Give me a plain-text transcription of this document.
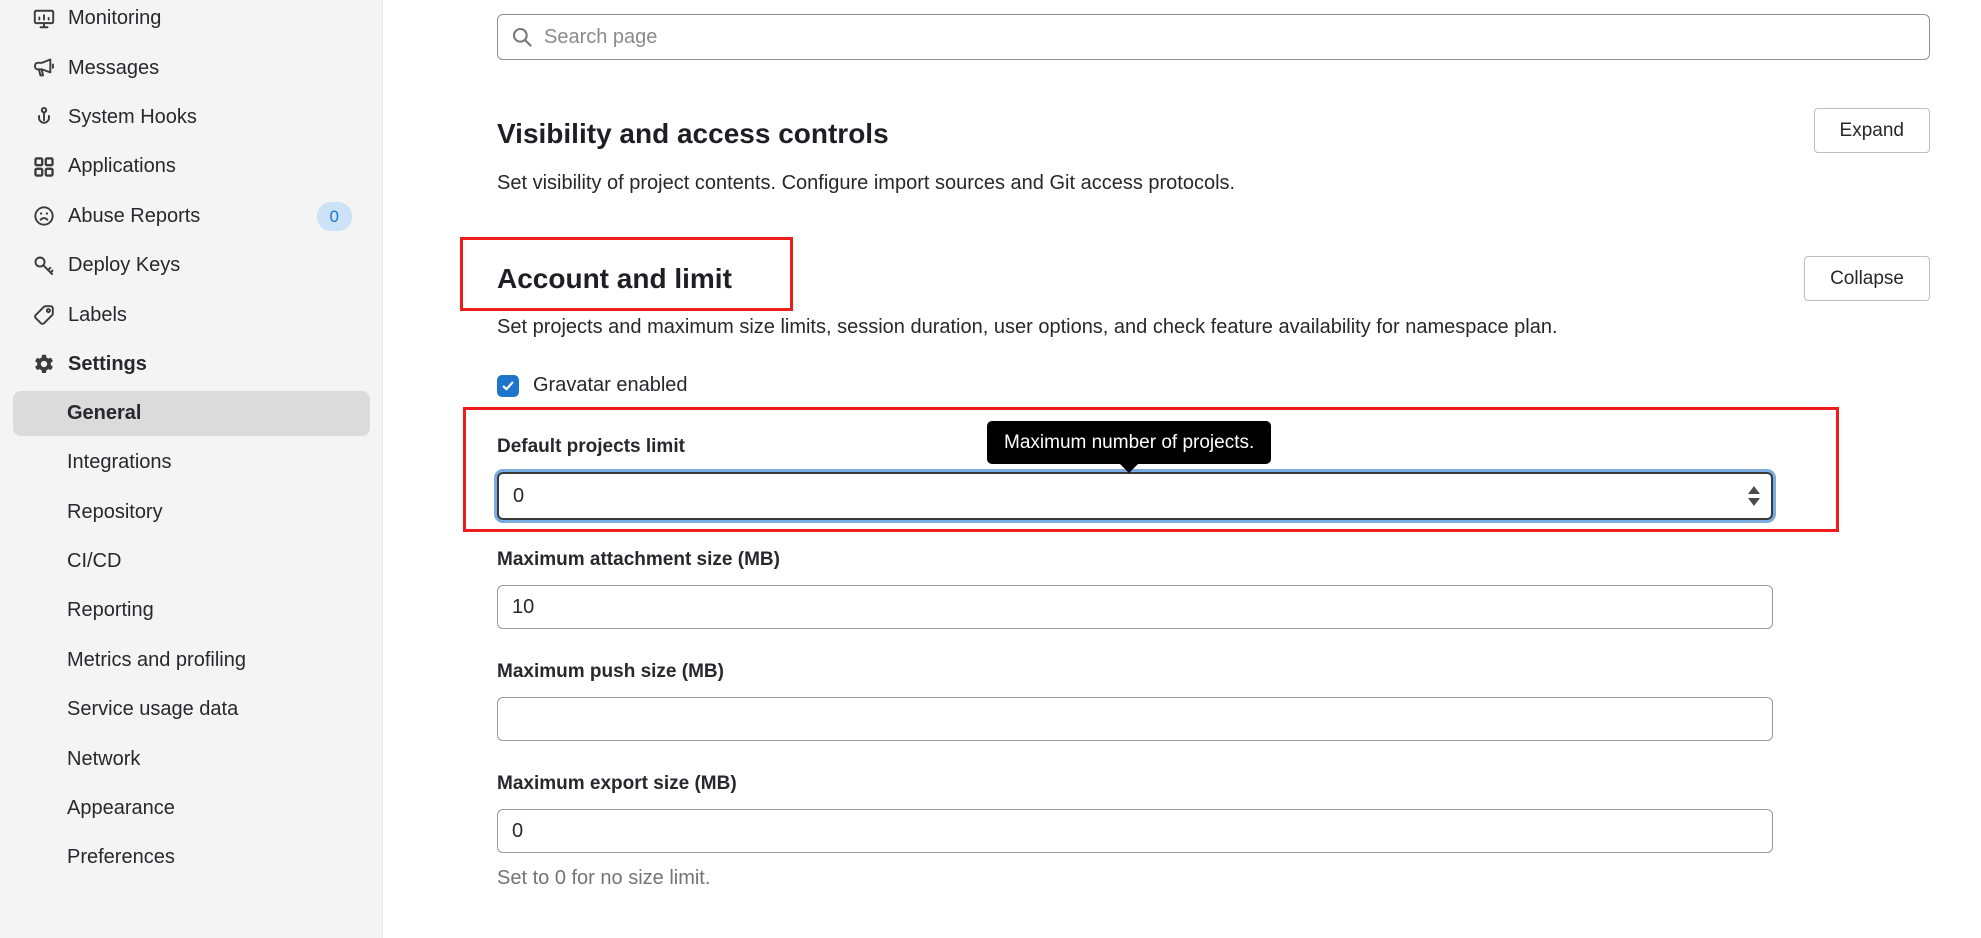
Monitoring
Messages
System Hooks
Applications
Abuse Reports	0
Deploy Keys
Labels
Settings
General
Integrations
Repository
CI/CD
Reporting
Metrics and profiling
Service usage data
Network
Appearance
Preferences
Search page
Visibility and access controls	Expand
Set visibility of project contents. Configure import sources and Git access protocols.
Account and limit	Collapse
Set projects and maximum size limits, session duration, user options, and check feature availability for namespace plan.
Gravatar enabled
Default projects limit
0	Maximum number of projects.
Maximum attachment size (MB)
10
Maximum push size (MB)
Maximum export size (MB)
0
Set to 0 for no size limit.
